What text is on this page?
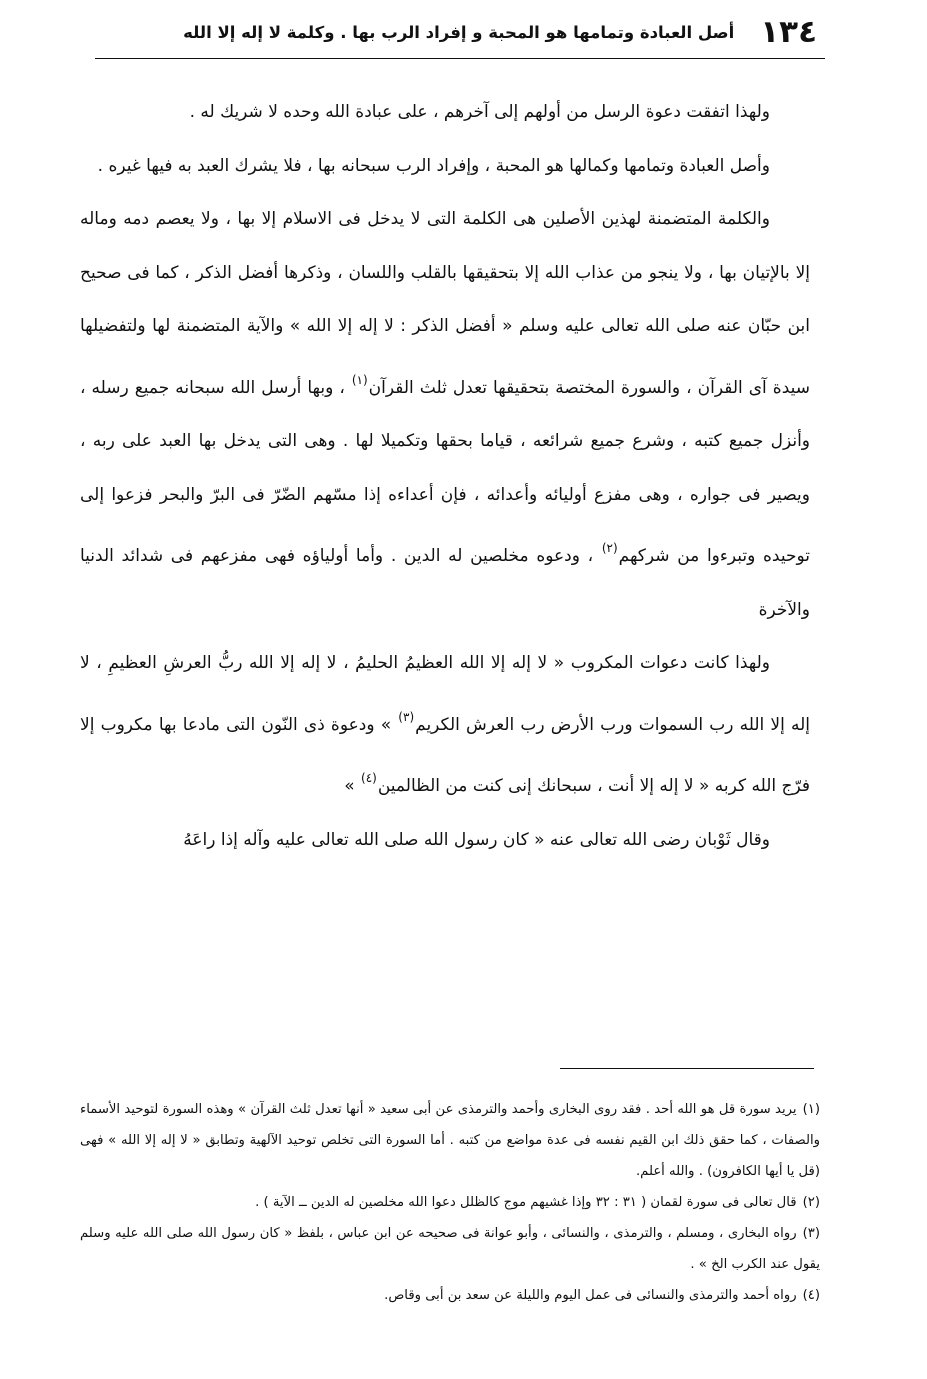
١٣٤
أصل العبادة وتمامها هو المحبة و إفراد الرب بها . وكلمة لا إله إلا الله

ولهذا اتفقت دعوة الرسل من أولهم إلى آخرهم ، على عبادة الله وحده لا شريك له .

وأصل العبادة وتمامها وكمالها هو المحبة ، وإفراد الرب سبحانه بها ، فلا يشرك العبد به فيها غيره .

والكلمة المتضمنة لهذين الأصلين هى الكلمة التى لا يدخل فى الاسلام إلا بها ، ولا يعصم دمه وماله إلا بالإتيان بها ، ولا ينجو من عذاب الله إلا بتحقيقها بالقلب واللسان ، وذكرها أفضل الذكر ، كما فى صحيح ابن حبّان عنه صلى الله تعالى عليه وسلم « أفضل الذكر : لا إله إلا الله » والآية المتضمنة لها ولتفضيلها سيدة آى القرآن ، والسورة المختصة بتحقيقها تعدل ثلث القرآن$^{(١)}$ ، وبها أرسل الله سبحانه جميع رسله ، وأنزل جميع كتبه ، وشرع جميع شرائعه ، قياما بحقها وتكميلا لها . وهى التى يدخل بها العبد على ربه ، ويصير فى جواره ، وهى مفزع أوليائه وأعدائه ، فإن أعداءه إذا مسّهم الضّرّ فى البرّ والبحر فزعوا إلى توحيده وتبرءوا من شركهم$^{(٢)}$ ، ودعوه مخلصين له الدين . وأما أولياؤه فهى مفزعهم فى شدائد الدنيا والآخرة

ولهذا كانت دعوات المكروب « لا إله إلا الله العظيمُ الحليمُ ، لا إله إلا الله ربُّ العرشِ العظيمِ ، لا إله إلا الله رب السموات ورب الأرض رب العرش الكريم$^{(٣)}$ » ودعوة ذى النّون التى مادعا بها مكروب إلا فرّج الله كربه « لا إله إلا أنت ، سبحانك إنى كنت من الظالمين$^{(٤)}$ »

وقال ثَوْبان رضى الله تعالى عنه « كان رسول الله صلى الله تعالى عليه وآله إذا راعَهُ

(١)يريد سورة قل هو الله أحد . فقد روى البخارى وأحمد والترمذى عن أبى سعيد « أنها تعدل ثلث القرآن » وهذه السورة لتوحيد الأسماء والصفات ، كما حقق ذلك ابن القيم نفسه فى عدة مواضع من كتبه . أما السورة التى تخلص توحيد الآلهية وتطابق « لا إله إلا الله » فهى (قل يا أيها الكافرون) . والله أعلم.

(٢)قال تعالى فى سورة لقمان ( ٣١ : ٣٢ وإذا غشيهم موج كالظلل دعوا الله مخلصين له الدين ــ الآية ) .

(٣)رواه البخارى ، ومسلم ، والترمذى ، والنسائى ، وأبو عوانة فى صحيحه عن ابن عباس ، بلفظ « كان رسول الله صلى الله عليه وسلم يقول عند الكرب الخ » .

(٤)رواه أحمد والترمذى والنسائى فى عمل اليوم والليلة عن سعد بن أبى وقاص.
